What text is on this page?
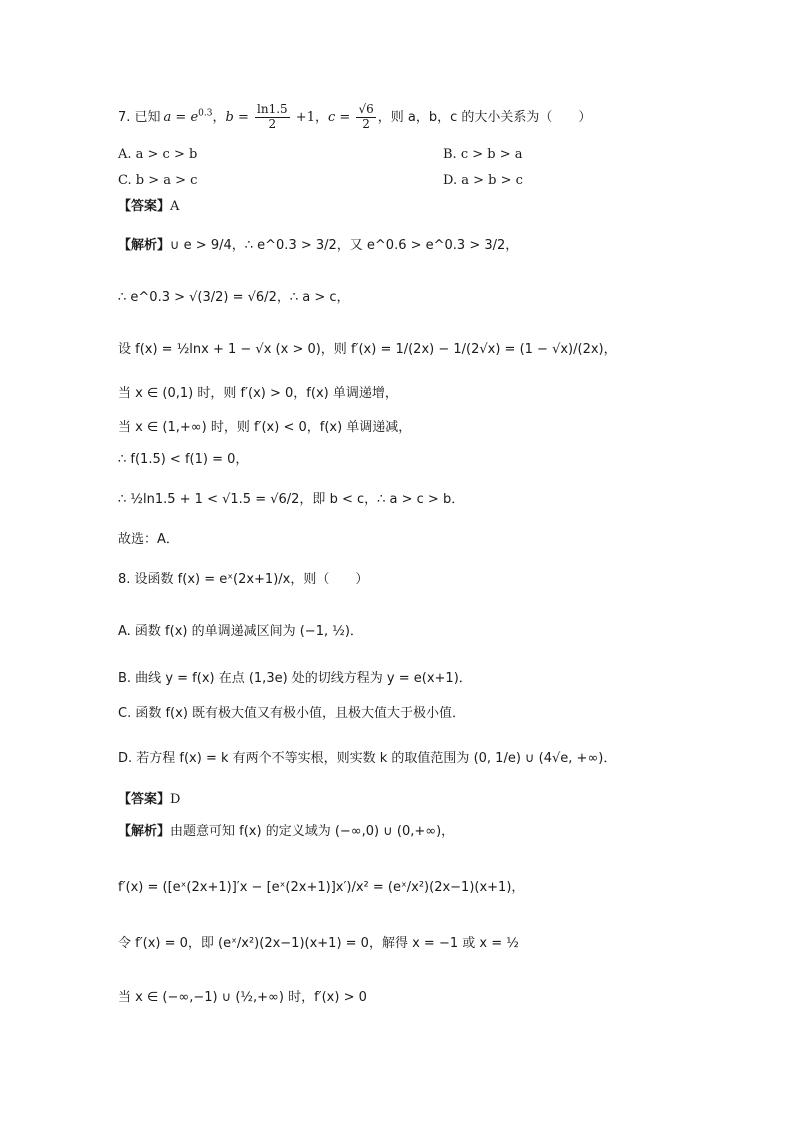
7. 已知 $a = e^{0.3}$ ， $b = \frac{\ln 1.5}{2} +1$ ， $c = \frac{√6}{2}$ ，则 a，b，c 的大小关系为（　　）
A. a > c > b	B. c > b > a
C. b > a > c	D. a > b > c
【答案】 A
【解析】 ∪ e > 9/4，∴ e^0.3 > 3/2，又 e^0.6 > e^0.3 > 3/2，
∴ e^0.3 > √(3/2) = √6/2，∴ a > c，
设 f(x) = ½lnx + 1 − √x (x > 0)，则 f′(x) = 1/(2x) − 1/(2√x) = (1 − √x)/(2x)，
当 x ∈ (0,1) 时，则 f′(x) > 0，f(x) 单调递增，
当 x ∈ (1,+∞) 时，则 f′(x) < 0，f(x) 单调递减，
∴ f(1.5) < f(1) = 0，
∴ ½ln1.5 + 1 < √1.5 = √6/2，即 b < c，∴ a > c > b．
故选：A．
8. 设函数 f(x) = eˣ(2x+1)/x，则（　　）
A. 函数 f(x) 的单调递减区间为 (−1, ½)．
B. 曲线 y = f(x) 在点 (1,3e) 处的切线方程为 y = e(x+1)．
C. 函数 f(x) 既有极大值又有极小值，且极大值大于极小值．
D. 若方程 f(x) = k 有两个不等实根，则实数 k 的取值范围为 (0, 1/e) ∪ (4√e, +∞)．
【答案】 D
【解析】 由题意可知 f(x) 的定义域为 (−∞,0) ∪ (0,+∞)，
f′(x) = ([eˣ(2x+1)]′x − [eˣ(2x+1)]x′)/x² = (eˣ/x²)(2x−1)(x+1)，
令 f′(x) = 0，即 (eˣ/x²)(2x−1)(x+1) = 0，解得 x = −1 或 x = ½
当 x ∈ (−∞,−1) ∪ (½,+∞) 时，f′(x) > 0
